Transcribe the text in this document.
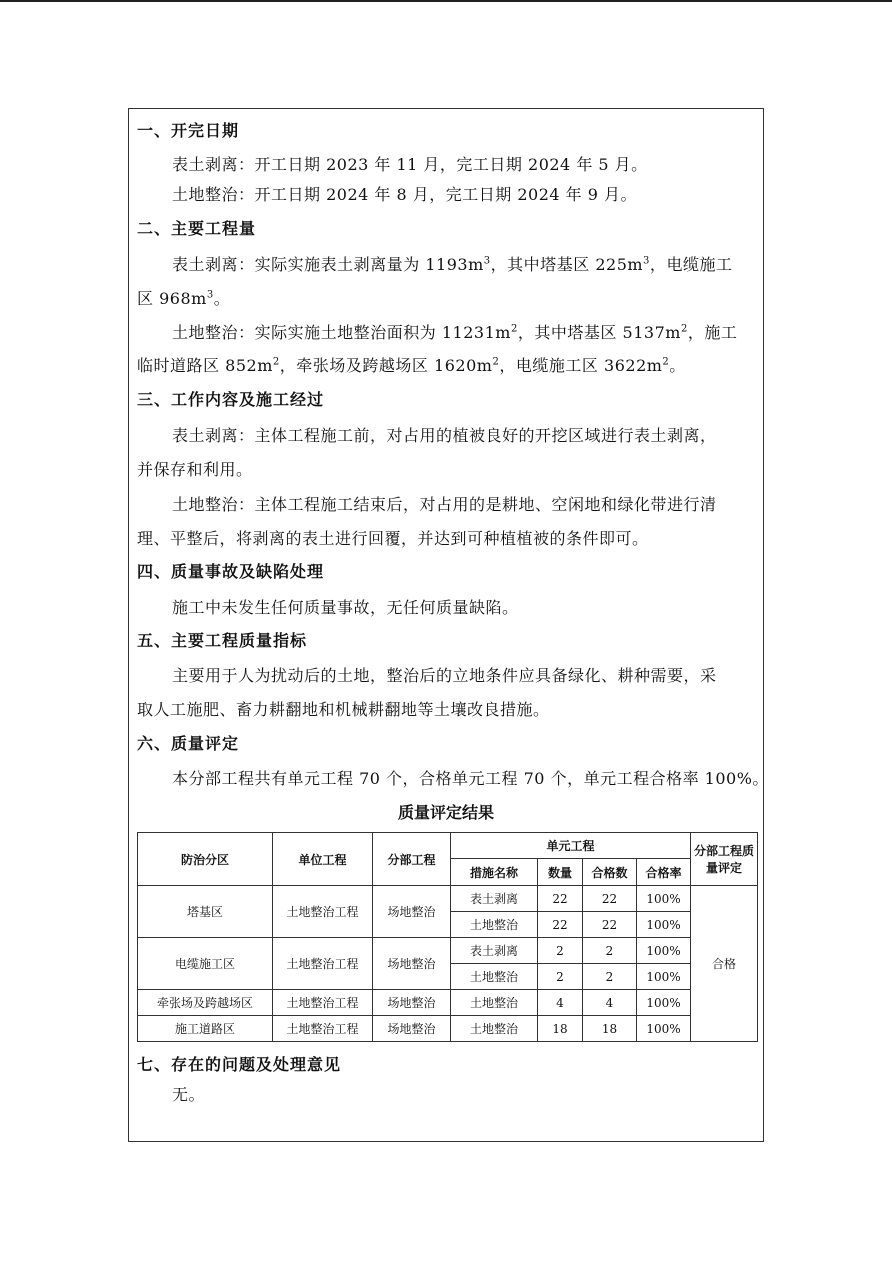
一、开完日期
表土剥离：开工日期 2023 年 11 月，完工日期 2024 年 5 月。
土地整治：开工日期 2024 年 8 月，完工日期 2024 年 9 月。
二、主要工程量
表土剥离：实际实施表土剥离量为 $1193m^3$，其中塔基区 $225m^3$，电缆施工
区 $968m^3$。
土地整治：实际实施土地整治面积为 $11231m^2$，其中塔基区 $5137m^2$，施工
临时道路区 $852m^2$，牵张场及跨越场区 $1620m^2$，电缆施工区 $3622m^2$。
三、工作内容及施工经过
表土剥离：主体工程施工前，对占用的植被良好的开挖区域进行表土剥离，
并保存和利用。
土地整治：主体工程施工结束后，对占用的是耕地、空闲地和绿化带进行清
理、平整后，将剥离的表土进行回覆，并达到可种植植被的条件即可。
四、质量事故及缺陷处理
施工中未发生任何质量事故，无任何质量缺陷。
五、主要工程质量指标
主要用于人为扰动后的土地，整治后的立地条件应具备绿化、耕种需要，采
取人工施肥、畜力耕翻地和机械耕翻地等土壤改良措施。
六、质量评定
本分部工程共有单元工程 70 个，合格单元工程 70 个，单元工程合格率 100%。
质量评定结果
防治分区	单位工程	分部工程	单元工程				分部工程质量评定
			措施名称	数量	合格数	合格率	
塔基区	土地整治工程	场地整治	表土剥离	22	22	100%	合格
			土地整治	22	22	100%	
电缆施工区	土地整治工程	场地整治	表土剥离	2	2	100%	
			土地整治	2	2	100%	
牵张场及跨越场区	土地整治工程	场地整治	土地整治	4	4	100%	
施工道路区	土地整治工程	场地整治	土地整治	18	18	100%	
七、存在的问题及处理意见
无。
